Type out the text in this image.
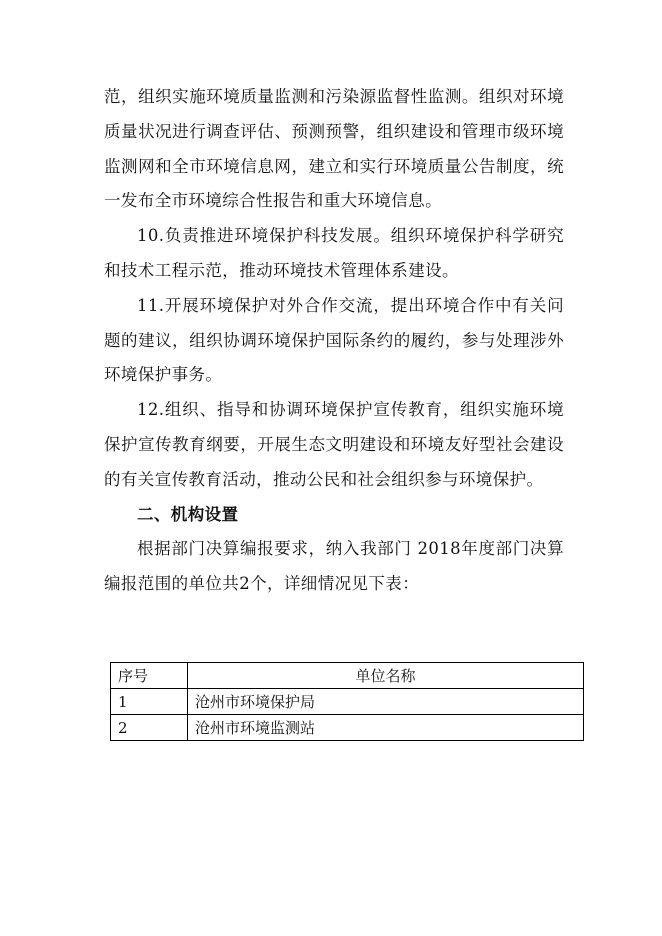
范，组织实施环境质量监测和污染源监督性监测。组织对环境质量状况进行调查评估、预测预警，组织建设和管理市级环境监测网和全市环境信息网，建立和实行环境质量公告制度，统一发布全市环境综合性报告和重大环境信息。

10.负责推进环境保护科技发展。组织环境保护科学研究和技术工程示范，推动环境技术管理体系建设。

11.开展环境保护对外合作交流，提出环境合作中有关问题的建议，组织协调环境保护国际条约的履约，参与处理涉外环境保护事务。

12.组织、指导和协调环境保护宣传教育，组织实施环境保护宣传教育纲要，开展生态文明建设和环境友好型社会建设的有关宣传教育活动，推动公民和社会组织参与环境保护。

二、机构设置

根据部门决算编报要求，纳入我部门 2018年度部门决算编报范围的单位共2个，详细情况见下表：

序号	单位名称
1	沧州市环境保护局
2	沧州市环境监测站
